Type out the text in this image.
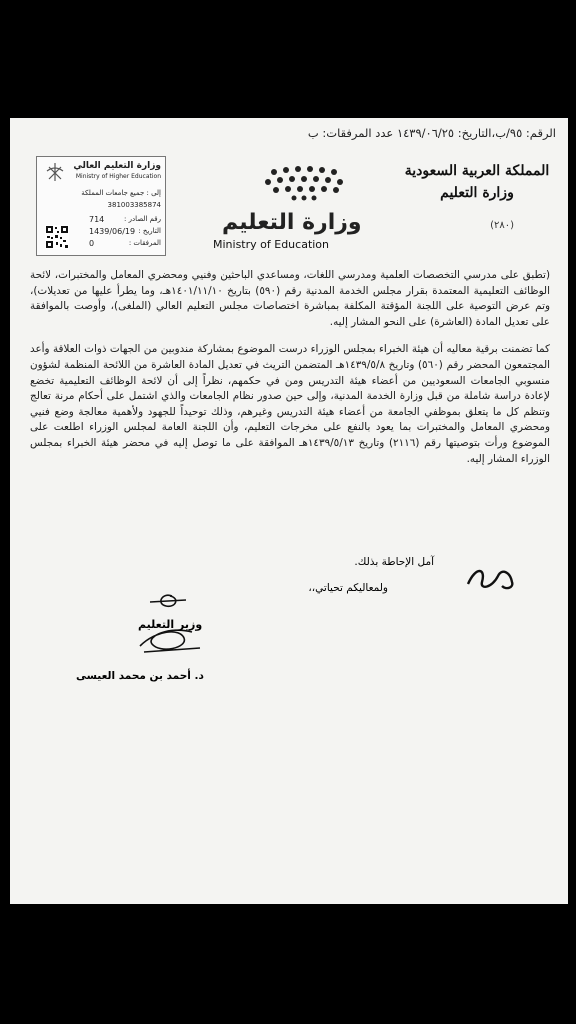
الرقم: ٩٥/ب،التاريخ: ١٤٣٩/٠٦/٢٥ عدد المرفقات: ب
المملكة العربية السعودية
وزارة التعليم
(٢٨٠)
وزارة التعليم
Ministry of Education
وزارة التعليم العالي
Ministry of Higher Education
إلى : جميع جامعات المملكة
381003385874
رقم الصادر :
714
التاريخ :
1439/06/19
المرفقات :
0

(تطبق على مدرسي التخصصات العلمية ومدرسي اللغات، ومساعدي الباحثين وفنيي ومحضري المعامل والمختبرات، لائحة الوظائف التعليمية المعتمدة بقرار مجلس الخدمة المدنية رقم (٥٩٠) بتاريخ ١٤٠١/١١/١٠هـ، وما يطرأ عليها من تعديلات)، وتم عرض التوصية على اللجنة المؤقتة المكلفة بمباشرة اختصاصات مجلس التعليم العالي (الملغى)، وأوصت بالموافقة على تعديل المادة (العاشرة) على النحو المشار إليه.

كما تضمنت برقية معاليه أن هيئة الخبراء بمجلس الوزراء درست الموضوع بمشاركة مندوبين من الجهات ذوات العلاقة وأعد المجتمعون المحضر رقم (٥٦٠) وتاريخ ١٤٣٩/٥/٨هـ المتضمن التريث في تعديل المادة العاشرة من اللائحة المنظمة لشؤون منسوبي الجامعات السعوديين من أعضاء هيئة التدريس ومن في حكمهم، نظراً إلى أن لائحة الوظائف التعليمية تخضع لإعادة دراسة شاملة من قبل وزارة الخدمة المدنية، وإلى حين صدور نظام الجامعات والذي اشتمل على أحكام مرنة تعالج وتنظم كل ما يتعلق بموظفي الجامعة من أعضاء هيئة التدريس وغيرهم، وذلك توحيداً للجهود ولأهمية معالجة وضع فنيي ومحضري المعامل والمختبرات بما يعود بالنفع على مخرجات التعليم، وأن اللجنة العامة لمجلس الوزراء اطلعت على الموضوع ورأت بتوصيتها رقم (٢١١٦) وتاريخ ١٤٣٩/٥/١٣هـ الموافقة على ما توصل إليه في محضر هيئة الخبراء بمجلس الوزراء المشار إليه.

آمل الإحاطة بذلك.
ولمعاليكم تحياتي،،
وزير التعليم
د. أحمد بن محمد العيسى
